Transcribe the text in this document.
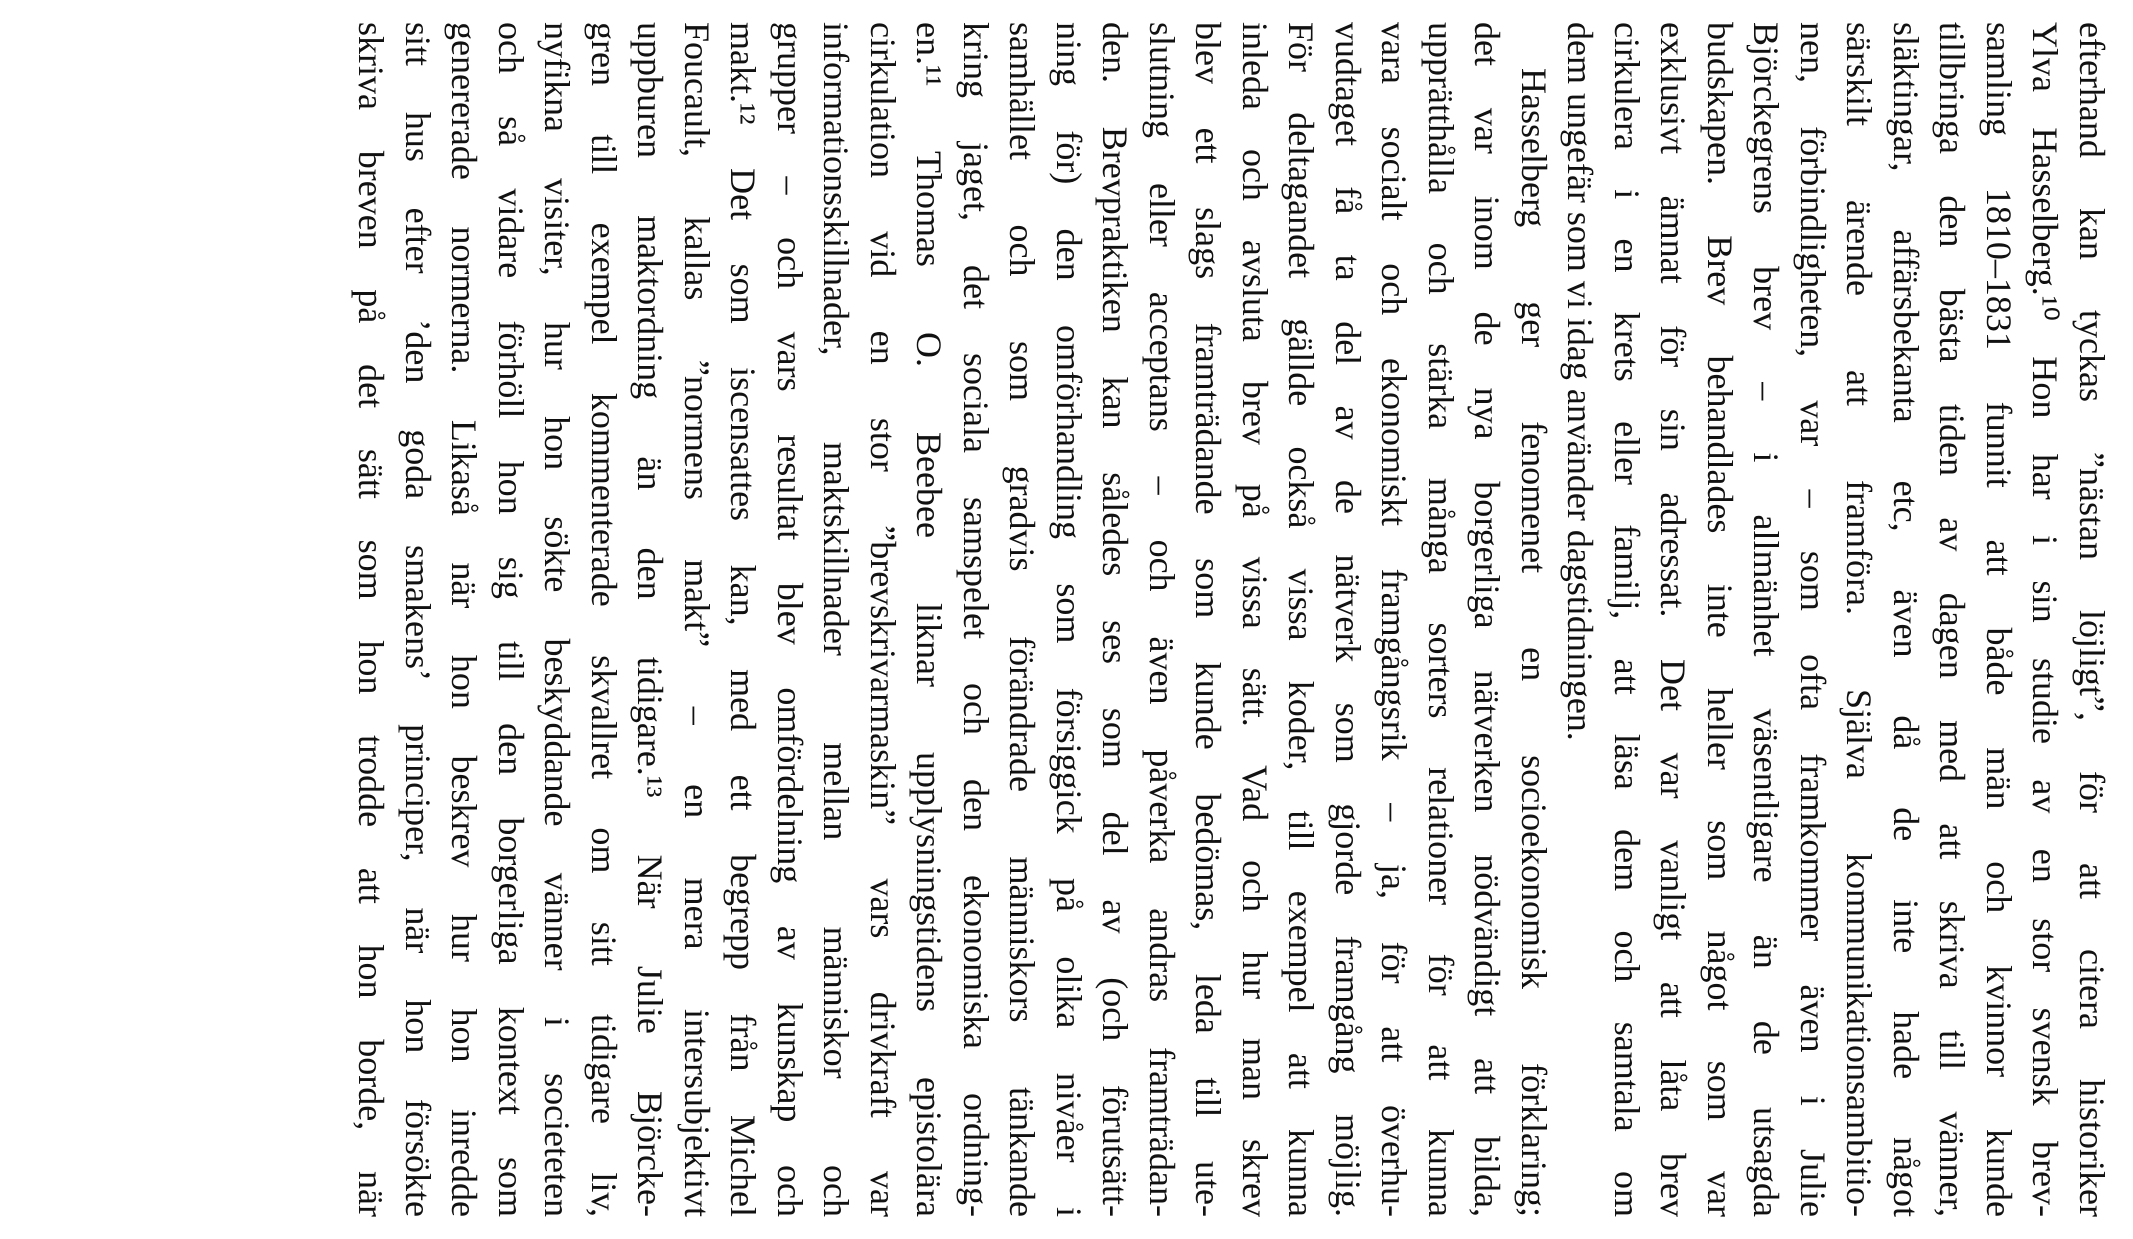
efterhand kan tyckas ”nästan löjligt”, för att citera historiker
Ylva Hasselberg.¹⁰ Hon har i sin studie av en stor svensk brev-
samling 1810–1831 funnit att både män och kvinnor kunde
tillbringa den bästa tiden av dagen med att skriva till vänner,
släktingar, affärsbekanta etc, även då de inte hade något
särskilt ärende att framföra. Själva kommunikationsambitio-
nen, förbindligheten, var – som ofta framkommer även i Julie
Björckegrens brev – i allmänhet väsentligare än de utsagda
budskapen. Brev behandlades inte heller som något som var
exklusivt ämnat för sin adressat. Det var vanligt att låta brev
cirkulera i en krets eller familj, att läsa dem och samtala om
dem ungefär som vi idag använder dagstidningen.
Hasselberg ger fenomenet en socioekonomisk förklaring;
det var inom de nya borgerliga nätverken nödvändigt att bilda,
upprätthålla och stärka många sorters relationer för att kunna
vara socialt och ekonomiskt framgångsrik – ja, för att överhu-
vudtaget få ta del av de nätverk som gjorde framgång möjlig.
För deltagandet gällde också vissa koder, till exempel att kunna
inleda och avsluta brev på vissa sätt. Vad och hur man skrev
blev ett slags framträdande som kunde bedömas, leda till ute-
slutning eller acceptans – och även påverka andras framträdan-
den. Brevpraktiken kan således ses som del av (och förutsätt-
ning för) den omförhandling som försiggick på olika nivåer i
samhället och som gradvis förändrade människors tänkande
kring jaget, det sociala samspelet och den ekonomiska ordning-
en.¹¹ Thomas O. Beebee liknar upplysningstidens epistolära
cirkulation vid en stor ”brevskrivarmaskin” vars drivkraft var
informationsskillnader, maktskillnader mellan människor och
grupper – och vars resultat blev omfördelning av kunskap och
makt.¹² Det som iscensattes kan, med ett begrepp från Michel
Foucault, kallas ”normens makt” – en mera intersubjektivt
uppburen maktordning än den tidigare.¹³ När Julie Björcke-
gren till exempel kommenterade skvallret om sitt tidigare liv,
nyfikna visiter, hur hon sökte beskyddande vänner i societeten
och så vidare förhöll hon sig till den borgerliga kontext som
genererade normerna. Likaså när hon beskrev hur hon inredde
sitt hus efter ’den goda smakens’ principer, när hon försökte
skriva breven på det sätt som hon trodde att hon borde, när
